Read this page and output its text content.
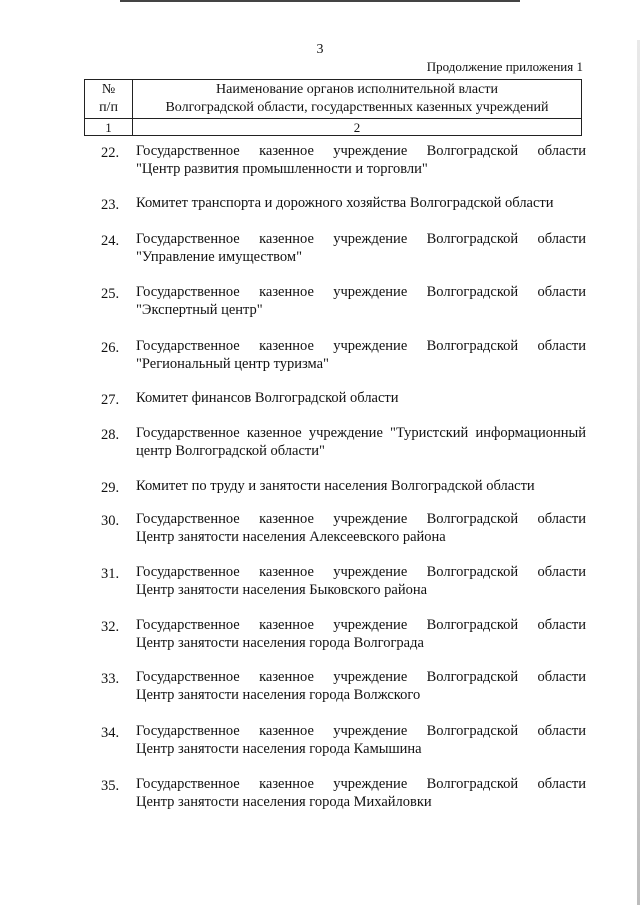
3
Продолжение приложения 1
№
п/п	Наименование органов исполнительной власти
Волгоградской области, государственных казенных учреждений

1	2
22.	Государственное казенное учреждение Волгоградской области
"Центр развития промышленности и торговли"
23.	Комитет транспорта и дорожного хозяйства Волгоградской области
24.	Государственное казенное учреждение Волгоградской области
"Управление имуществом"
25.	Государственное казенное учреждение Волгоградской области
"Экспертный центр"
26.	Государственное казенное учреждение Волгоградской области
"Региональный центр туризма"
27.	Комитет финансов Волгоградской области
28.	Государственное казенное учреждение "Туристский информационный
центр Волгоградской области"
29.	Комитет по труду и занятости населения Волгоградской области
30.	Государственное казенное учреждение Волгоградской области
Центр занятости населения Алексеевского района
31.	Государственное казенное учреждение Волгоградской области
Центр занятости населения Быковского района
32.	Государственное казенное учреждение Волгоградской области
Центр занятости населения города Волгограда
33.	Государственное казенное учреждение Волгоградской области
Центр занятости населения города Волжского
34.	Государственное казенное учреждение Волгоградской области
Центр занятости населения города Камышина
35.	Государственное казенное учреждение Волгоградской области
Центр занятости населения города Михайловки
